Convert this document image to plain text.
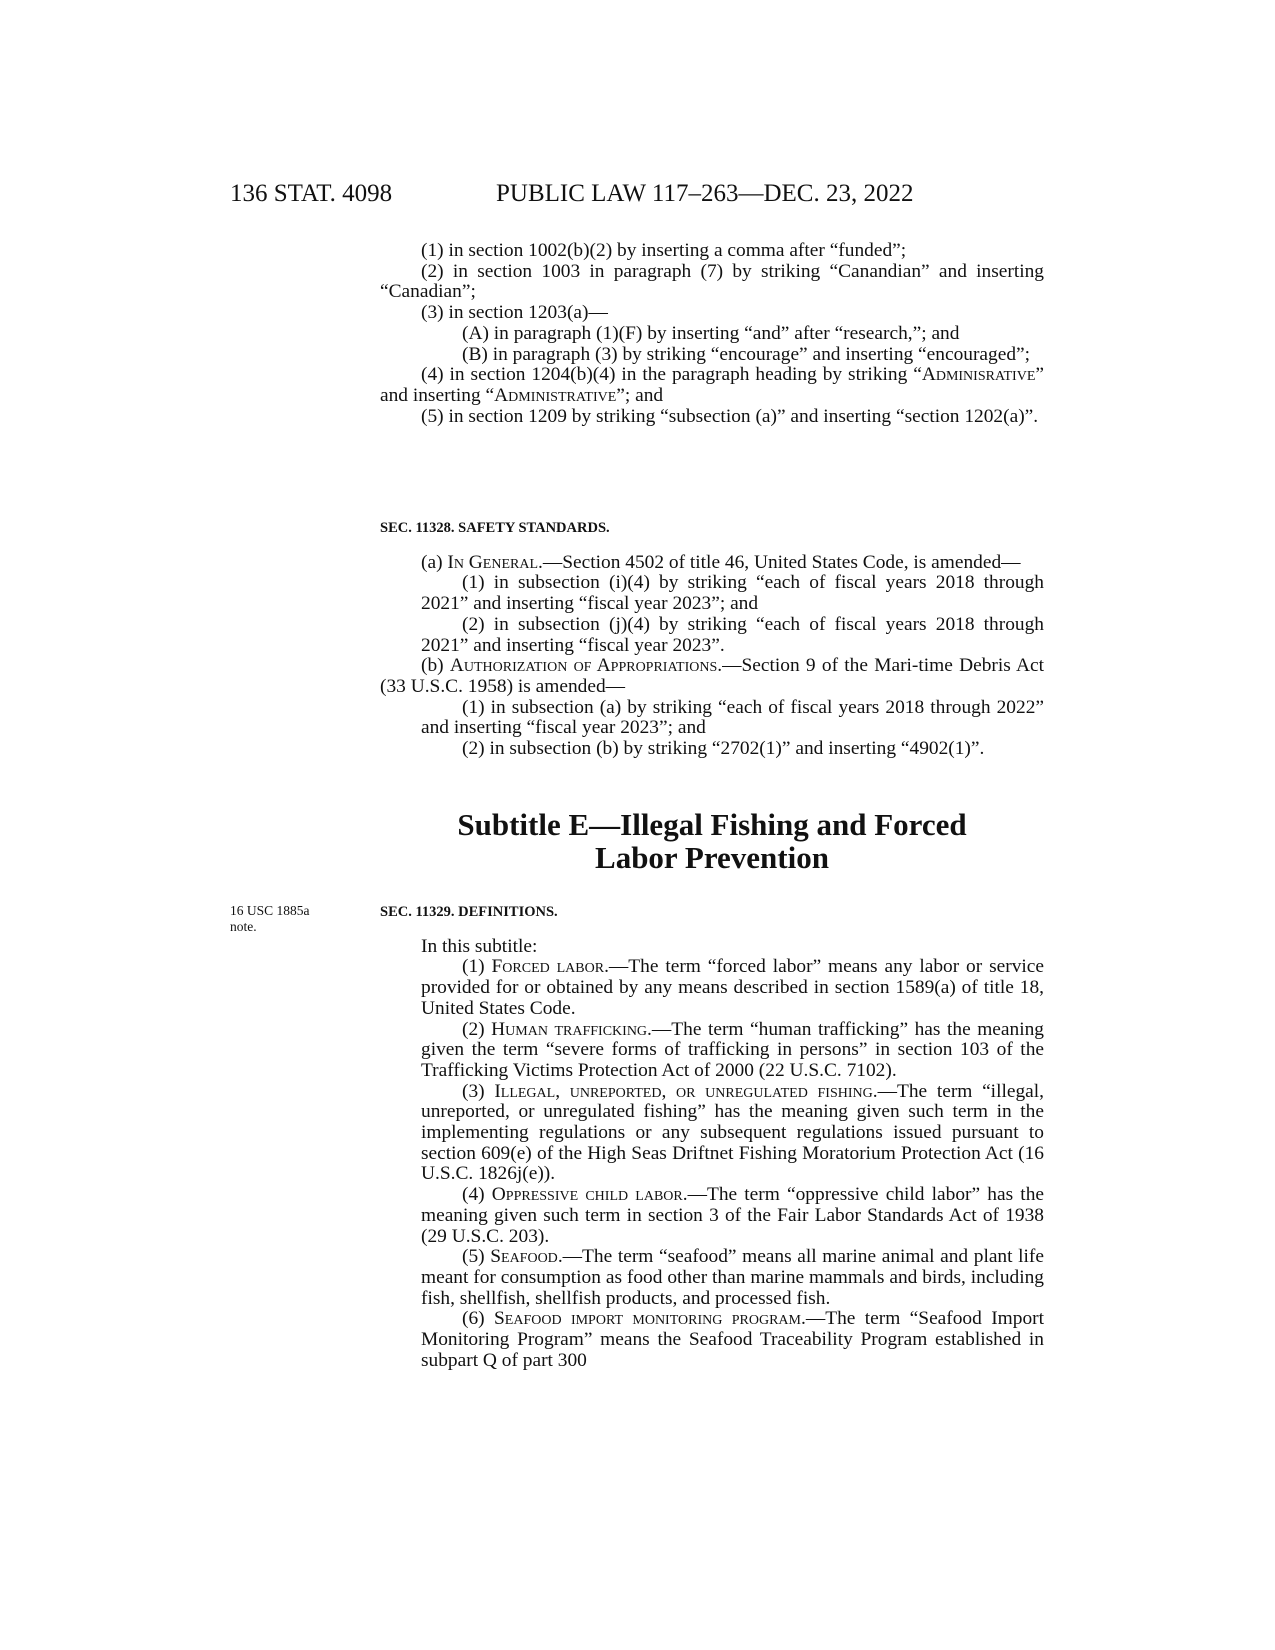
136 STAT. 4098	PUBLIC LAW 117–263—DEC. 23, 2022

(1) in section 1002(b)(2) by inserting a comma after “funded”;

(2) in section 1003 in paragraph (7) by striking “Canandian” and inserting “Canadian”;

(3) in section 1203(a)—

(A) in paragraph (1)(F) by inserting “and” after “research,”; and

(B) in paragraph (3) by striking “encourage” and inserting “encouraged”;

(4) in section 1204(b)(4) in the paragraph heading by striking “Adminisrative” and inserting “Administrative”; and

(5) in section 1209 by striking “subsection (a)” and inserting “section 1202(a)”.

SEC. 11328. SAFETY STANDARDS.

(a) In General.—Section 4502 of title 46, United States Code, is amended—

(1) in subsection (i)(4) by striking “each of fiscal years 2018 through 2021” and inserting “fiscal year 2023”; and

(2) in subsection (j)(4) by striking “each of fiscal years 2018 through 2021” and inserting “fiscal year 2023”.

(b) Authorization of Appropriations.—Section 9 of the Mari-time Debris Act (33 U.S.C. 1958) is amended—

(1) in subsection (a) by striking “each of fiscal years 2018 through 2022” and inserting “fiscal year 2023”; and

(2) in subsection (b) by striking “2702(1)” and inserting “4902(1)”.

Subtitle E—Illegal Fishing and Forced
Labor Prevention
16 USC 1885a
note.

SEC. 11329. DEFINITIONS.

In this subtitle:

(1) Forced labor.—The term “forced labor” means any labor or service provided for or obtained by any means described in section 1589(a) of title 18, United States Code.

(2) Human trafficking.—The term “human trafficking” has the meaning given the term “severe forms of trafficking in persons” in section 103 of the Trafficking Victims Protection Act of 2000 (22 U.S.C. 7102).

(3) Illegal, unreported, or unregulated fishing.—The term “illegal, unreported, or unregulated fishing” has the meaning given such term in the implementing regulations or any subsequent regulations issued pursuant to section 609(e) of the High Seas Driftnet Fishing Moratorium Protection Act (16 U.S.C. 1826j(e)).

(4) Oppressive child labor.—The term “oppressive child labor” has the meaning given such term in section 3 of the Fair Labor Standards Act of 1938 (29 U.S.C. 203).

(5) Seafood.—The term “seafood” means all marine animal and plant life meant for consumption as food other than marine mammals and birds, including fish, shellfish, shellfish products, and processed fish.

(6) Seafood import monitoring program.—The term “Seafood Import Monitoring Program” means the Seafood Traceability Program established in subpart Q of part 300
